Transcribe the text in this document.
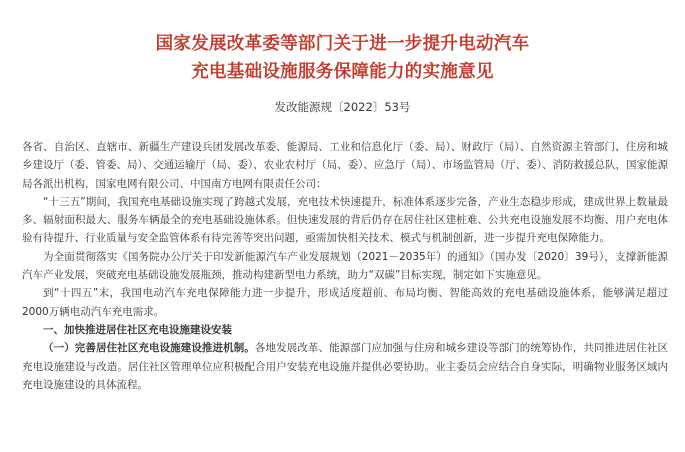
国家发展改革委等部门关于进一步提升电动汽车
充电基础设施服务保障能力的实施意见
发改能源规〔2022〕53号

各省、自治区、直辖市、新疆生产建设兵团发展改革委、能源局、工业和信息化厅（委、局）、财政厅（局）、自然资源主管部门、住房和城乡建设厅（委、管委、局）、交通运输厅（局、委）、农业农村厅（局、委）、应急厅（局）、市场监管局（厅、委）、消防救援总队，国家能源局各派出机构，国家电网有限公司、中国南方电网有限责任公司：

“十三五”期间，我国充电基础设施实现了跨越式发展，充电技术快速提升，标准体系逐步完备，产业生态稳步形成，建成世界上数量最多、辐射面积最大、服务车辆最全的充电基础设施体系。但快速发展的背后仍存在居住社区建桩难、公共充电设施发展不均衡、用户充电体验有待提升、行业质量与安全监管体系有待完善等突出问题，亟需加快相关技术、模式与机制创新，进一步提升充电保障能力。

为全面贯彻落实《国务院办公厅关于印发新能源汽车产业发展规划（2021－2035年）的通知》（国办发〔2020〕39号），支撑新能源汽车产业发展，突破充电基础设施发展瓶颈，推动构建新型电力系统，助力“双碳”目标实现，制定如下实施意见。

到“十四五”末，我国电动汽车充电保障能力进一步提升，形成适度超前、布局均衡、智能高效的充电基础设施体系，能够满足超过2000万辆电动汽车充电需求。

一、加快推进居住社区充电设施建设安装

（一）完善居住社区充电设施建设推进机制。各地发展改革、能源部门应加强与住房和城乡建设等部门的统筹协作，共同推进居住社区充电设施建设与改造。居住社区管理单位应积极配合用户安装充电设施并提供必要协助。业主委员会应结合自身实际，明确物业服务区域内充电设施建设的具体流程。
